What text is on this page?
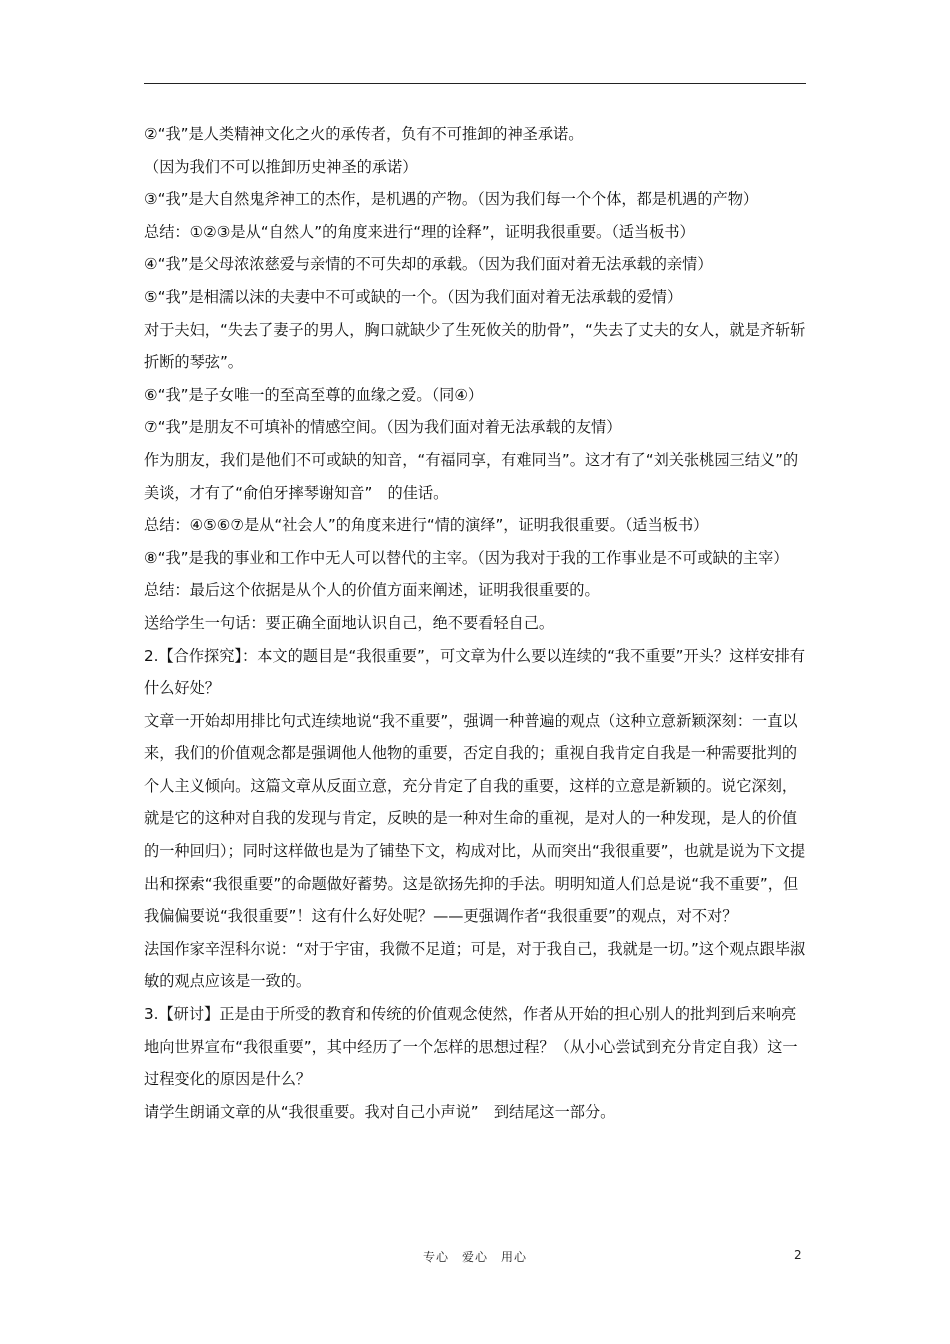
②“我”是人类精神文化之火的承传者，负有不可推卸的神圣承诺。

（因为我们不可以推卸历史神圣的承诺）

③“我”是大自然鬼斧神工的杰作，是机遇的产物。（因为我们每一个个体，都是机遇的产物）

总结：①②③是从“自然人”的角度来进行“理的诠释”，证明我很重要。（适当板书）

④“我”是父母浓浓慈爱与亲情的不可失却的承载。（因为我们面对着无法承载的亲情）

⑤“我”是相濡以沫的夫妻中不可或缺的一个。（因为我们面对着无法承载的爱情）

对于夫妇，“失去了妻子的男人，胸口就缺少了生死攸关的肋骨”，“失去了丈夫的女人，就是齐斩斩折断的琴弦”。

⑥“我”是子女唯一的至高至尊的血缘之爱。（同④）

⑦“我”是朋友不可填补的情感空间。（因为我们面对着无法承载的友情）

作为朋友，我们是他们不可或缺的知音，“有福同享，有难同当”。这才有了“刘关张桃园三结义”的美谈，才有了“俞伯牙摔琴谢知音”　的佳话。

总结：④⑤⑥⑦是从“社会人”的角度来进行“情的演绎”，证明我很重要。（适当板书）

⑧“我”是我的事业和工作中无人可以替代的主宰。（因为我对于我的工作事业是不可或缺的主宰）

总结：最后这个依据是从个人的价值方面来阐述，证明我很重要的。

送给学生一句话：要正确全面地认识自己，绝不要看轻自己。

2.【合作探究】：本文的题目是“我很重要”，可文章为什么要以连续的“我不重要”开头？这样安排有什么好处？

文章一开始却用排比句式连续地说“我不重要”，强调一种普遍的观点（这种立意新颖深刻：一直以来，我们的价值观念都是强调他人他物的重要，否定自我的；重视自我肯定自我是一种需要批判的个人主义倾向。这篇文章从反面立意，充分肯定了自我的重要，这样的立意是新颖的。说它深刻，就是它的这种对自我的发现与肯定，反映的是一种对生命的重视，是对人的一种发现，是人的价值的一种回归）；同时这样做也是为了铺垫下文，构成对比，从而突出“我很重要”，也就是说为下文提出和探索“我很重要”的命题做好蓄势。这是欲扬先抑的手法。明明知道人们总是说“我不重要”，但我偏偏要说“我很重要”！这有什么好处呢？——更强调作者“我很重要”的观点，对不对？

法国作家辛涅科尔说：“对于宇宙，我微不足道；可是，对于我自己，我就是一切。”这个观点跟毕淑敏的观点应该是一致的。

3.【研讨】正是由于所受的教育和传统的价值观念使然，作者从开始的担心别人的批判到后来响亮地向世界宣布“我很重要”，其中经历了一个怎样的思想过程？（从小心尝试到充分肯定自我）这一过程变化的原因是什么？

请学生朗诵文章的从“我很重要。我对自己小声说”　到结尾这一部分。

专心　爱心　用心	2
